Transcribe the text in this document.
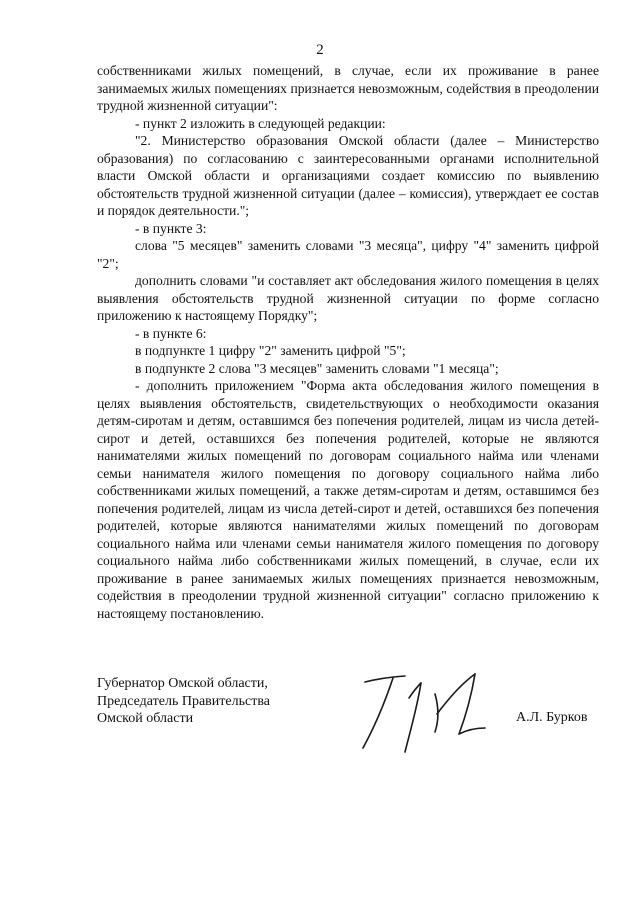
2

собственниками жилых помещений, в случае, если их проживание в ранее занимаемых жилых помещениях признается невозможным, содействия в преодолении трудной жизненной ситуации":

- пункт 2 изложить в следующей редакции:

"2. Министерство образования Омской области (далее – Министерство образования) по согласованию с заинтересованными органами исполнительной власти Омской области и организациями создает комиссию по выявлению обстоятельств трудной жизненной ситуации (далее – комиссия), утверждает ее состав и порядок деятельности.";

- в пункте 3:

слова "5 месяцев" заменить словами "3 месяца", цифру "4" заменить цифрой "2";

дополнить словами "и составляет акт обследования жилого помещения в целях выявления обстоятельств трудной жизненной ситуации по форме согласно приложению к настоящему Порядку";

- в пункте 6:

в подпункте 1 цифру "2" заменить цифрой "5";

в подпункте 2 слова "3 месяцев" заменить словами "1 месяца";

- дополнить приложением "Форма акта обследования жилого помещения в целях выявления обстоятельств, свидетельствующих о необходимости оказания детям-сиротам и детям, оставшимся без попечения родителей, лицам из числа детей-сирот и детей, оставшихся без попечения родителей, которые не являются нанимателями жилых помещений по договорам социального найма или членами семьи нанимателя жилого помещения по договору социального найма либо собственниками жилых помещений, а также детям-сиротам и детям, оставшимся без попечения родителей, лицам из числа детей-сирот и детей, оставшихся без попечения родителей, которые являются нанимателями жилых помещений по договорам социального найма или членами семьи нанимателя жилого помещения по договору социального найма либо собственниками жилых помещений, в случае, если их проживание в ранее занимаемых жилых помещениях признается невозможным, содействия в преодолении трудной жизненной ситуации" согласно приложению к настоящему постановлению.

Губернатор Омской области,

Председатель Правительства

Омской области	А.Л. Бурков
